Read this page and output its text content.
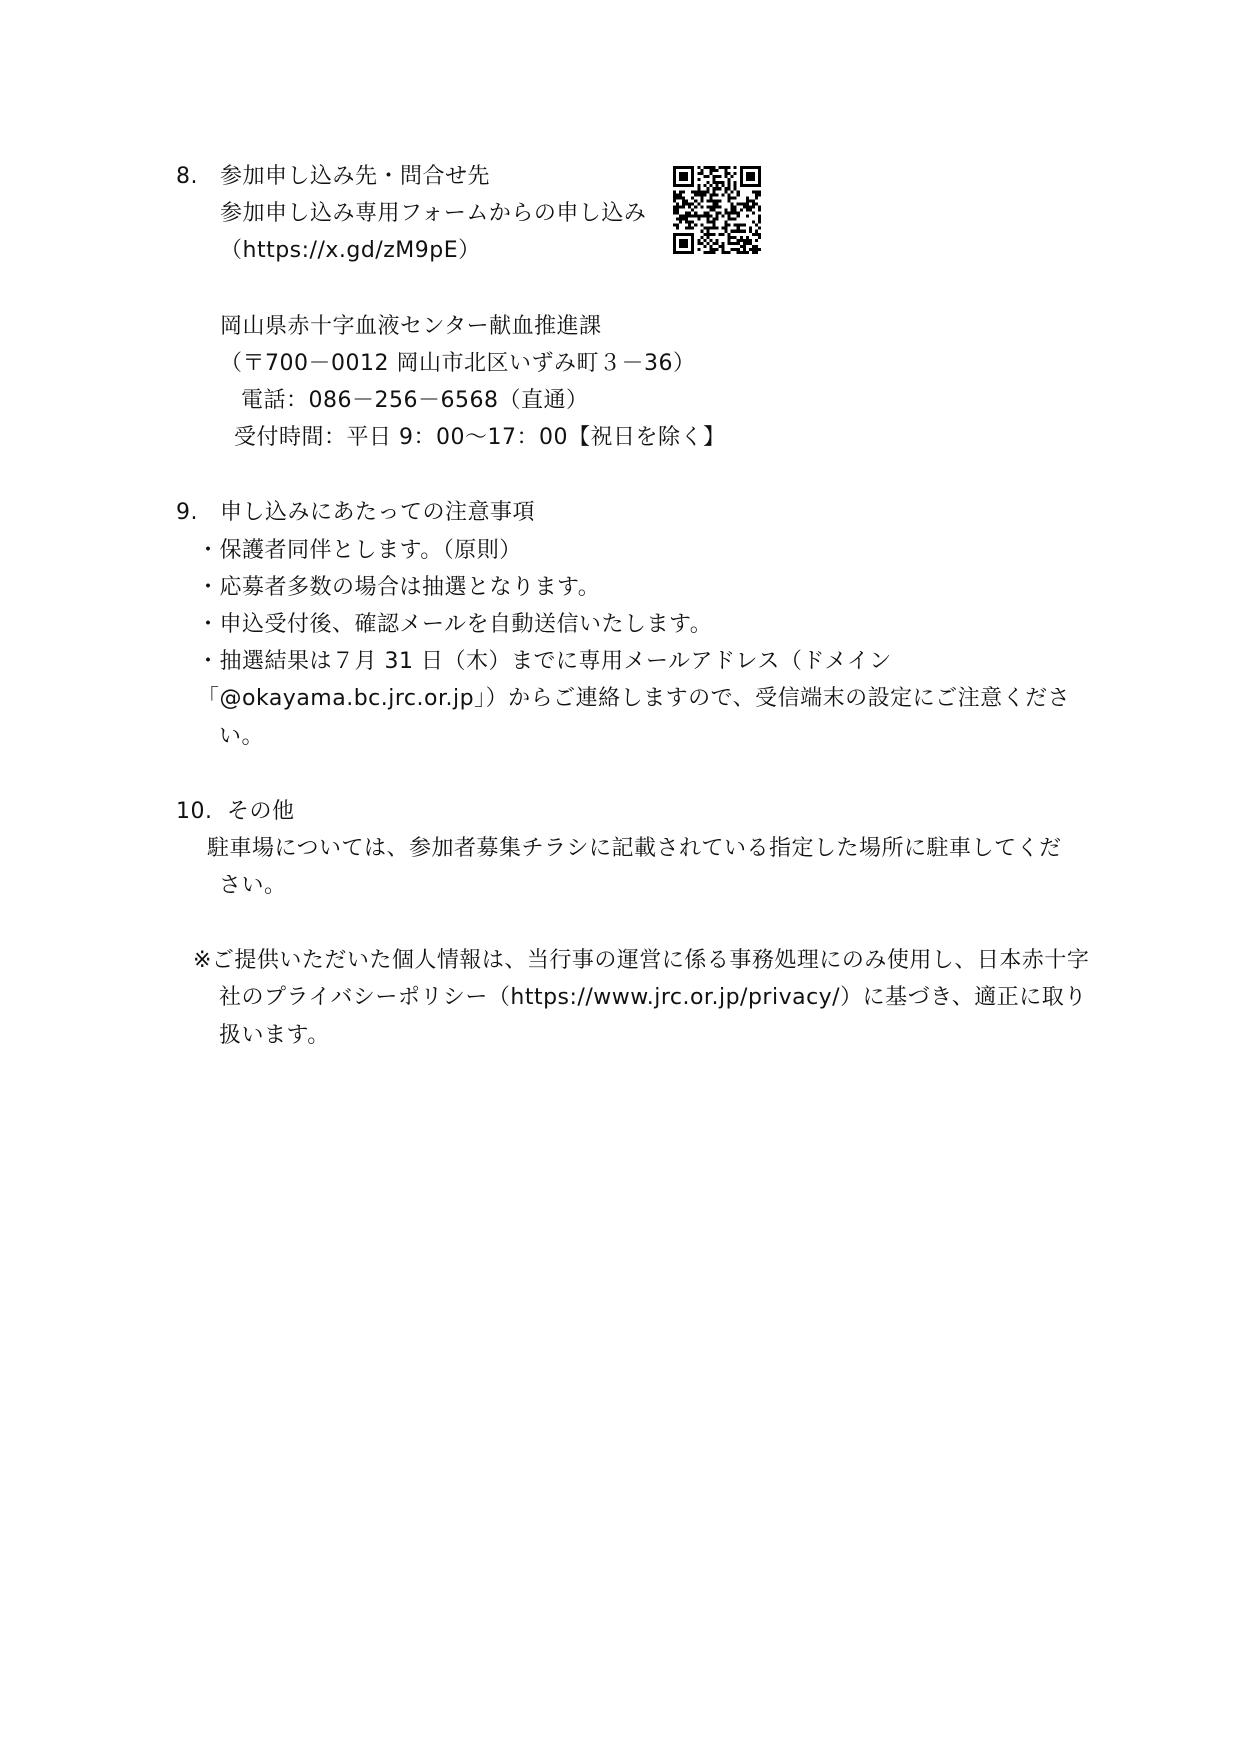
8. 参加申し込み先・問合せ先
参加申し込み専用フォームからの申し込み
（https://x.gd/zM9pE）
岡山県赤十字血液センター献血推進課
（〒700－0012 岡山市北区いずみ町３－36）
電話：086－256－6568（直通）
受付時間：平日 9：00～17：00【祝日を除く】
9. 申し込みにあたっての注意事項
・保護者同伴とします。（原則）
・応募者多数の場合は抽選となります。
・申込受付後、確認メールを自動送信いたします。
・抽選結果は７月 31 日（木）までに専用メールアドレス（ドメイン
「@okayama.bc.jrc.or.jp」）からご連絡しますので、受信端末の設定にご注意くださ
い。
10. その他
駐車場については、参加者募集チラシに記載されている指定した場所に駐車してくだ
さい。
※ご提供いただいた個人情報は、当行事の運営に係る事務処理にのみ使用し、日本赤十字
社のプライバシーポリシー（https://www.jrc.or.jp/privacy/）に基づき、適正に取り
扱います。
